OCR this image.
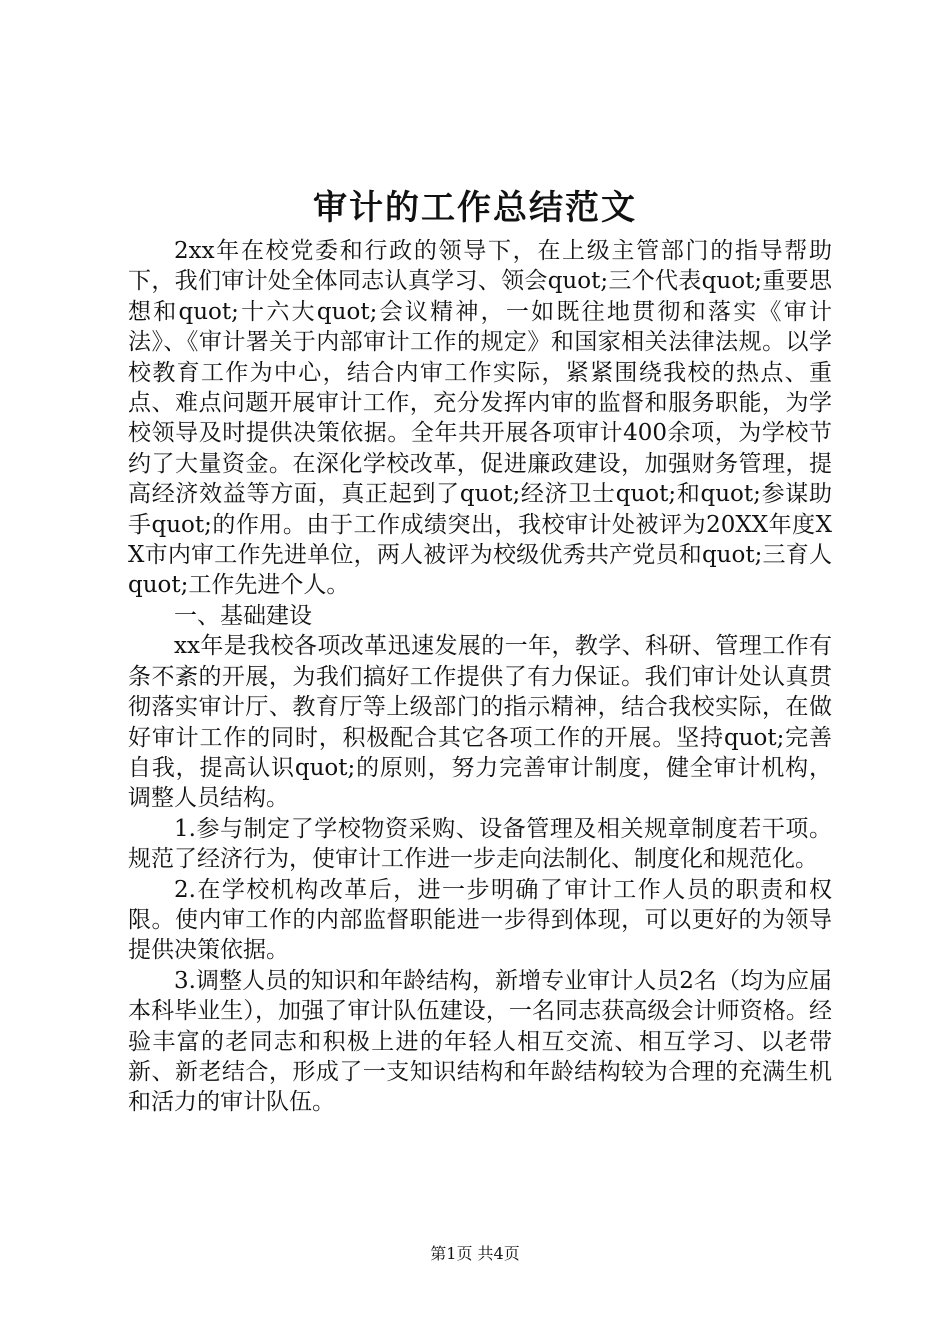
审计的工作总结范文

2xx年在校党委和行政的领导下，在上级主管部门的指导帮助下，我们审计处全体同志认真学习、领会quot;三个代表quot;重要思想和quot;十六大quot;会议精神，一如既往地贯彻和落实《审计法》、《审计署关于内部审计工作的规定》和国家相关法律法规。以学校教育工作为中心，结合内审工作实际，紧紧围绕我校的热点、重点、难点问题开展审计工作，充分发挥内审的监督和服务职能，为学校领导及时提供决策依据。全年共开展各项审计400余项，为学校节约了大量资金。在深化学校改革，促进廉政建设，加强财务管理，提高经济效益等方面，真正起到了quot;经济卫士quot;和quot;参谋助手quot;的作用。由于工作成绩突出，我校审计处被评为20XX年度XX市内审工作先进单位，两人被评为校级优秀共产党员和quot;三育人quot;工作先进个人。

一、基础建设

xx年是我校各项改革迅速发展的一年，教学、科研、管理工作有条不紊的开展，为我们搞好工作提供了有力保证。我们审计处认真贯彻落实审计厅、教育厅等上级部门的指示精神，结合我校实际，在做好审计工作的同时，积极配合其它各项工作的开展。坚持quot;完善自我，提高认识quot;的原则，努力完善审计制度，健全审计机构，调整人员结构。

1.参与制定了学校物资采购、设备管理及相关规章制度若干项。规范了经济行为，使审计工作进一步走向法制化、制度化和规范化。

2.在学校机构改革后，进一步明确了审计工作人员的职责和权限。使内审工作的内部监督职能进一步得到体现，可以更好的为领导提供决策依据。

3.调整人员的知识和年龄结构，新增专业审计人员2名（均为应届本科毕业生），加强了审计队伍建设，一名同志获高级会计师资格。经验丰富的老同志和积极上进的年轻人相互交流、相互学习、以老带新、新老结合，形成了一支知识结构和年龄结构较为合理的充满生机和活力的审计队伍。

第1页 共4页
